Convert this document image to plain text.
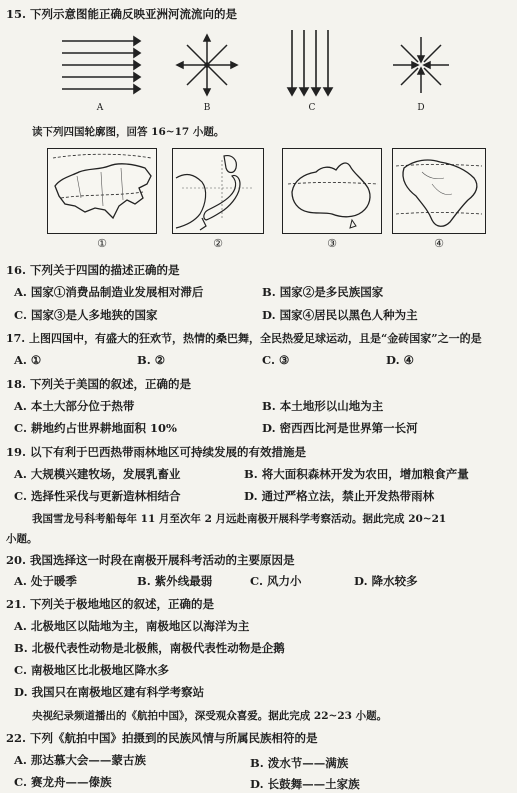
15. 下列示意图能正确反映亚洲河流流向的是
A	B	C	D
读下列四国轮廓图，回答 16~17 小题。
①	②	③	④
16. 下列关于四国的描述正确的是
A. 国家①消费品制造业发展相对滞后	B. 国家②是多民族国家
C. 国家③是人多地狭的国家	D. 国家④居民以黑色人种为主
17. 上图四国中，有盛大的狂欢节，热情的桑巴舞，全民热爱足球运动，且是“金砖国家”之一的是
A. ①	B. ②	C. ③	D. ④
18. 下列关于美国的叙述，正确的是
A. 本土大部分位于热带	B. 本土地形以山地为主
C. 耕地约占世界耕地面积 10%	D. 密西西比河是世界第一长河
19. 以下有利于巴西热带雨林地区可持续发展的有效措施是
A. 大规模兴建牧场，发展乳畜业	B. 将大面积森林开发为农田，增加粮食产量
C. 选择性采伐与更新造林相结合	D. 通过严格立法，禁止开发热带雨林
我国雪龙号科考船每年 11 月至次年 2 月远赴南极开展科学考察活动。据此完成 20~21
小题。
20. 我国选择这一时段在南极开展科考活动的主要原因是
A. 处于暖季	B. 紫外线最弱	C. 风力小	D. 降水较多
21. 下列关于极地地区的叙述，正确的是
A. 北极地区以陆地为主，南极地区以海洋为主
B. 北极代表性动物是北极熊，南极代表性动物是企鹅
C. 南极地区比北极地区降水多
D. 我国只在南极地区建有科学考察站
央视纪录频道播出的《航拍中国》，深受观众喜爱。据此完成 22~23 小题。
22. 下列《航拍中国》拍摄到的民族风情与所属民族相符的是
A. 那达慕大会——蒙古族	B. 泼水节——满族
C. 赛龙舟——傣族	D. 长鼓舞——土家族
